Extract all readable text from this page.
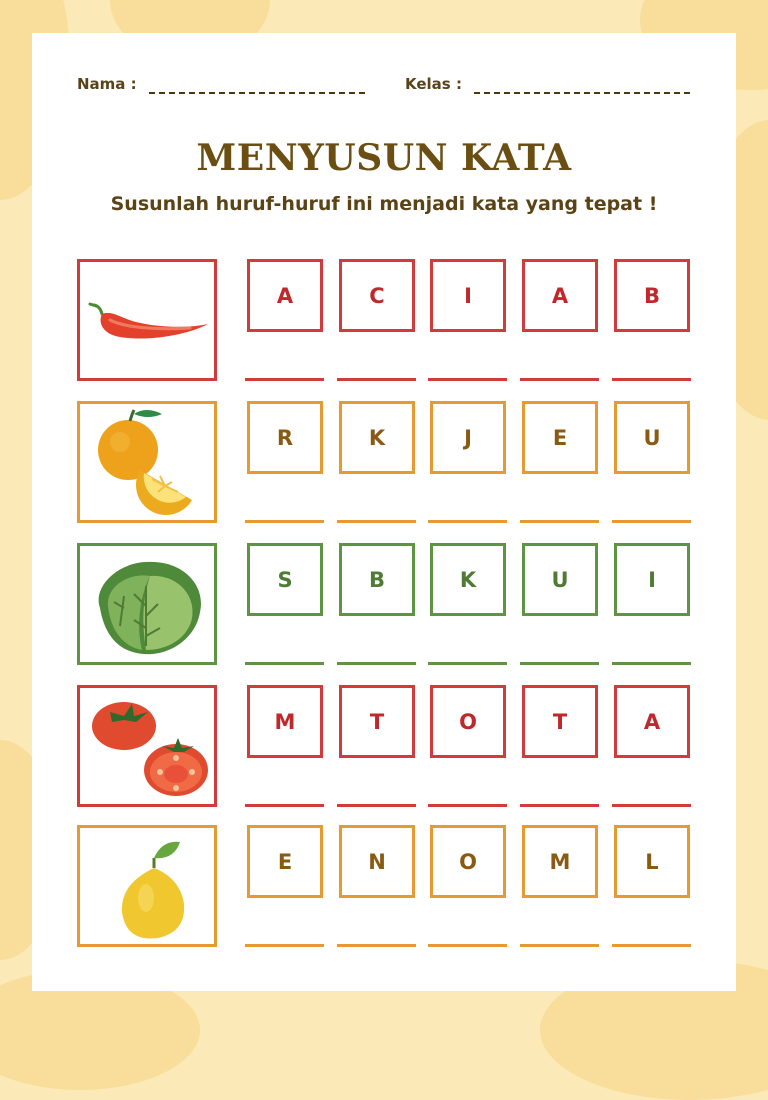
Nama :	Kelas :
MENYUSUN KATA
Susunlah huruf-huruf ini menjadi kata yang tepat !
A	C	I	A	B
R	K	J	E	U
S	B	K	U	I
M	T	O	T	A
E	N	O	M	L
